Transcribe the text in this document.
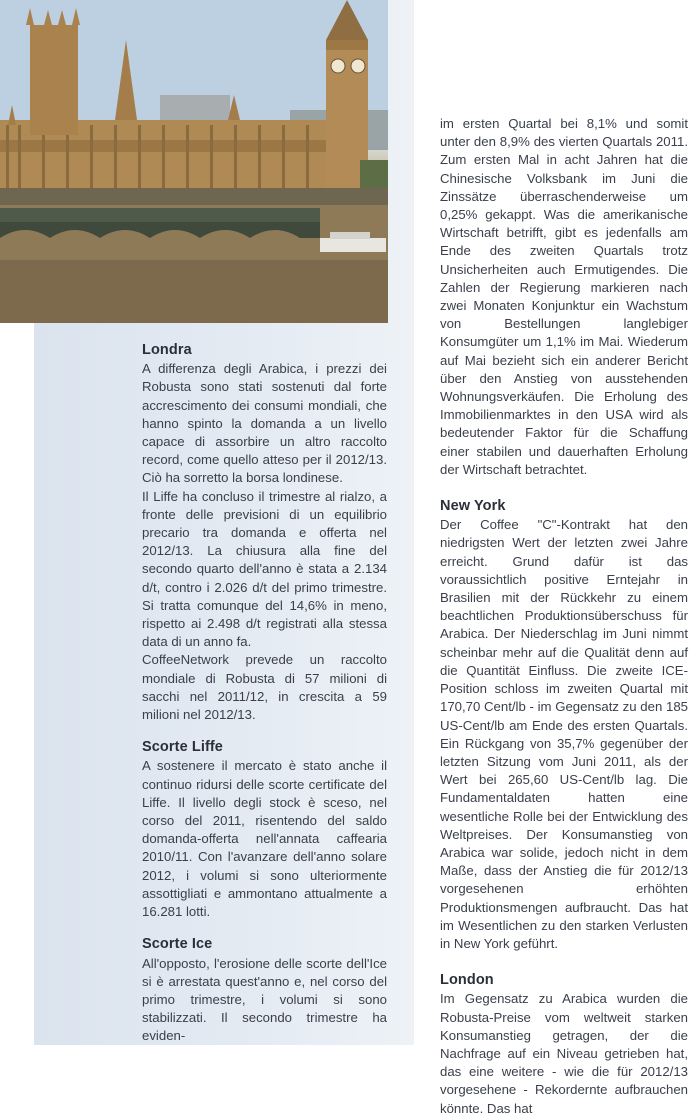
Londra

A differenza degli Arabica, i prezzi dei Robusta sono stati sostenuti dal forte accrescimento dei consumi mondiali, che hanno spinto la domanda a un livello capace di assorbire un altro raccolto record, come quello atteso per il 2012/13. Ciò ha sorretto la borsa londinese.

Il Liffe ha concluso il trimestre al rialzo, a fronte delle previsioni di un equilibrio precario tra domanda e offerta nel 2012/13. La chiusura alla fine del secondo quarto dell'anno è stata a 2.134 d/t, contro i 2.026 d/t del primo trimestre. Si tratta comunque del 14,6% in meno, rispetto ai 2.498 d/t registrati alla stessa data di un anno fa.

CoffeeNetwork prevede un raccolto mondiale di Robusta di 57 milioni di sacchi nel 2011/12, in crescita a 59 milioni nel 2012/13.

Scorte Liffe

A sostenere il mercato è stato anche il continuo ridursi delle scorte certificate del Liffe. Il livello degli stock è sceso, nel corso del 2011, risentendo del saldo domanda-offerta nell'annata caffearia 2010/11. Con l'avanzare dell'anno solare 2012, i volumi si sono ulteriormente assottigliati e ammontano attualmente a 16.281 lotti.

Scorte Ice

All'opposto, l'erosione delle scorte dell'Ice si è arrestata quest'anno e, nel corso del primo trimestre, i volumi si sono stabilizzati. Il secondo trimestre ha eviden-

im ersten Quartal bei 8,1% und somit unter den 8,9% des vierten Quartals 2011. Zum ersten Mal in acht Jahren hat die Chinesische Volksbank im Juni die Zinssätze überraschenderweise um 0,25% gekappt. Was die amerikanische Wirtschaft betrifft, gibt es jedenfalls am Ende des zweiten Quartals trotz Unsicherheiten auch Ermutigendes. Die Zahlen der Regierung markieren nach zwei Monaten Konjunktur ein Wachstum von Bestellungen langlebiger Konsumgüter um 1,1% im Mai. Wiederum auf Mai bezieht sich ein anderer Bericht über den Anstieg von ausstehenden Wohnungsverkäufen. Die Erholung des Immobilienmarktes in den USA wird als bedeutender Faktor für die Schaffung einer stabilen und dauerhaften Erholung der Wirtschaft betrachtet.

New York

Der Coffee "C"-Kontrakt hat den niedrigsten Wert der letzten zwei Jahre erreicht. Grund dafür ist das voraussichtlich positive Erntejahr in Brasilien mit der Rückkehr zu einem beachtlichen Produktionsüberschuss für Arabica. Der Niederschlag im Juni nimmt scheinbar mehr auf die Qualität denn auf die Quantität Einfluss. Die zweite ICE-Position schloss im zweiten Quartal mit 170,70 Cent/lb - im Gegensatz zu den 185 US-Cent/lb am Ende des ersten Quartals. Ein Rückgang von 35,7% gegenüber der letzten Sitzung vom Juni 2011, als der Wert bei 265,60 US-Cent/lb lag. Die Fundamentaldaten hatten eine wesentliche Rolle bei der Entwicklung des Weltpreises. Der Konsumanstieg von Arabica war solide, jedoch nicht in dem Maße, dass der Anstieg die für 2012/13 vorgesehenen erhöhten Produktionsmengen aufbraucht. Das hat im Wesentlichen zu den starken Verlusten in New York geführt.

London

Im Gegensatz zu Arabica wurden die Robusta-Preise vom weltweit starken Konsumanstieg getragen, der die Nachfrage auf ein Niveau getrieben hat, das eine weitere - wie die für 2012/13 vorgesehene - Rekordernte aufbrauchen könnte. Das hat
